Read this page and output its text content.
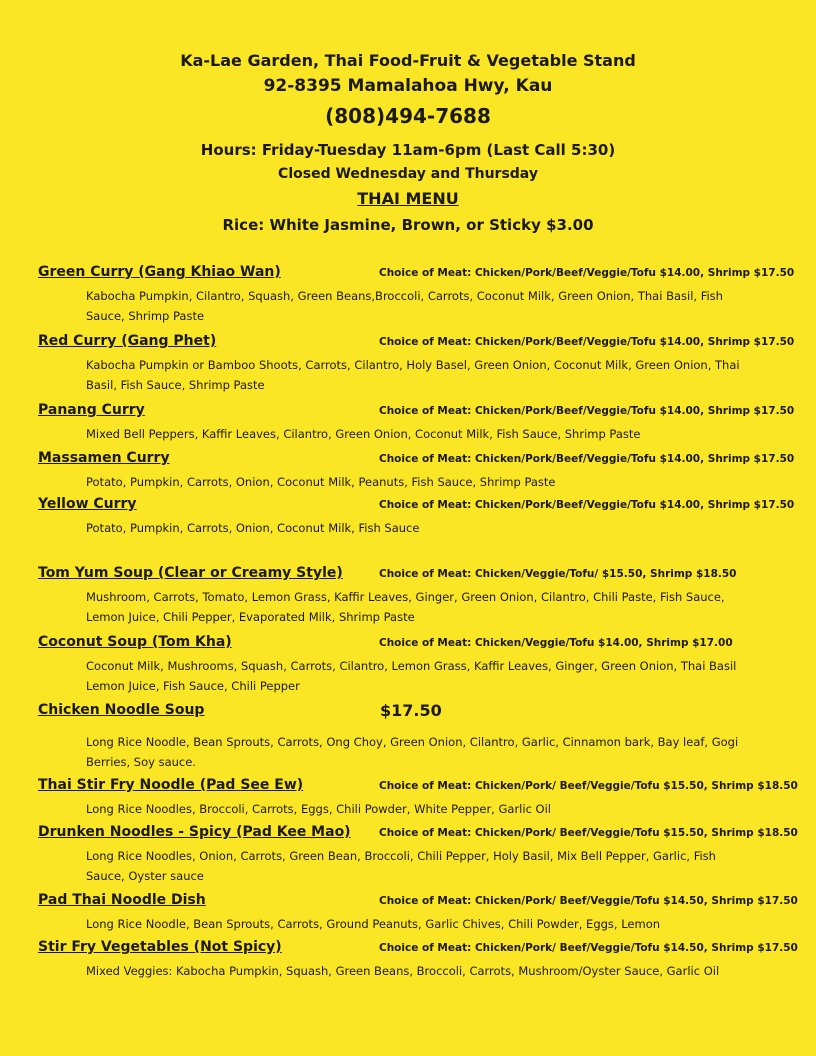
Ka-Lae Garden, Thai Food-Fruit & Vegetable Stand
92-8395 Mamalahoa Hwy, Kau
(808)494-7688
Hours: Friday-Tuesday 11am-6pm (Last Call 5:30)
Closed Wednesday and Thursday
THAI MENU
Rice: White Jasmine, Brown, or Sticky $3.00
Green Curry (Gang Khiao Wan)	Choice of Meat: Chicken/Pork/Beef/Veggie/Tofu $14.00, Shrimp $17.50
Kabocha Pumpkin, Cilantro, Squash, Green Beans,Broccoli, Carrots, Coconut Milk, Green Onion, Thai Basil, Fish Sauce, Shrimp Paste
Red Curry (Gang Phet)	Choice of Meat: Chicken/Pork/Beef/Veggie/Tofu $14.00, Shrimp $17.50
Kabocha Pumpkin or Bamboo Shoots, Carrots, Cilantro, Holy Basel, Green Onion, Coconut Milk, Green Onion, Thai Basil, Fish Sauce, Shrimp Paste
Panang Curry	Choice of Meat: Chicken/Pork/Beef/Veggie/Tofu $14.00, Shrimp $17.50
Mixed Bell Peppers, Kaffir Leaves, Cilantro, Green Onion, Coconut Milk, Fish Sauce, Shrimp Paste
Massamen Curry	Choice of Meat: Chicken/Pork/Beef/Veggie/Tofu $14.00, Shrimp $17.50
Potato, Pumpkin, Carrots, Onion, Coconut Milk, Peanuts, Fish Sauce, Shrimp Paste
Yellow Curry	Choice of Meat: Chicken/Pork/Beef/Veggie/Tofu $14.00, Shrimp $17.50
Potato, Pumpkin, Carrots, Onion, Coconut Milk, Fish Sauce
Tom Yum Soup (Clear or Creamy Style)	Choice of Meat: Chicken/Veggie/Tofu/ $15.50, Shrimp $18.50
Mushroom, Carrots, Tomato, Lemon Grass, Kaffir Leaves, Ginger, Green Onion, Cilantro, Chili Paste, Fish Sauce, Lemon Juice, Chili Pepper, Evaporated Milk, Shrimp Paste
Coconut Soup (Tom Kha)	Choice of Meat: Chicken/Veggie/Tofu $14.00, Shrimp $17.00
Coconut Milk, Mushrooms, Squash, Carrots, Cilantro, Lemon Grass, Kaffir Leaves, Ginger, Green Onion, Thai Basil Lemon Juice, Fish Sauce, Chili Pepper
Chicken Noodle Soup	$17.50
Long Rice Noodle, Bean Sprouts, Carrots, Ong Choy, Green Onion, Cilantro, Garlic, Cinnamon bark, Bay leaf, Gogi Berries, Soy sauce.
Thai Stir Fry Noodle (Pad See Ew)	Choice of Meat: Chicken/Pork/ Beef/Veggie/Tofu $15.50, Shrimp $18.50
Long Rice Noodles, Broccoli, Carrots, Eggs, Chili Powder, White Pepper, Garlic Oil
Drunken Noodles - Spicy (Pad Kee Mao)	Choice of Meat: Chicken/Pork/ Beef/Veggie/Tofu $15.50, Shrimp $18.50
Long Rice Noodles, Onion, Carrots, Green Bean, Broccoli, Chili Pepper, Holy Basil, Mix Bell Pepper, Garlic, Fish Sauce, Oyster sauce
Pad Thai Noodle Dish	Choice of Meat: Chicken/Pork/ Beef/Veggie/Tofu $14.50, Shrimp $17.50
Long Rice Noodle, Bean Sprouts, Carrots, Ground Peanuts, Garlic Chives, Chili Powder, Eggs, Lemon
Stir Fry Vegetables (Not Spicy)	Choice of Meat: Chicken/Pork/ Beef/Veggie/Tofu $14.50, Shrimp $17.50
Mixed Veggies: Kabocha Pumpkin, Squash, Green Beans, Broccoli, Carrots, Mushroom/Oyster Sauce, Garlic Oil
